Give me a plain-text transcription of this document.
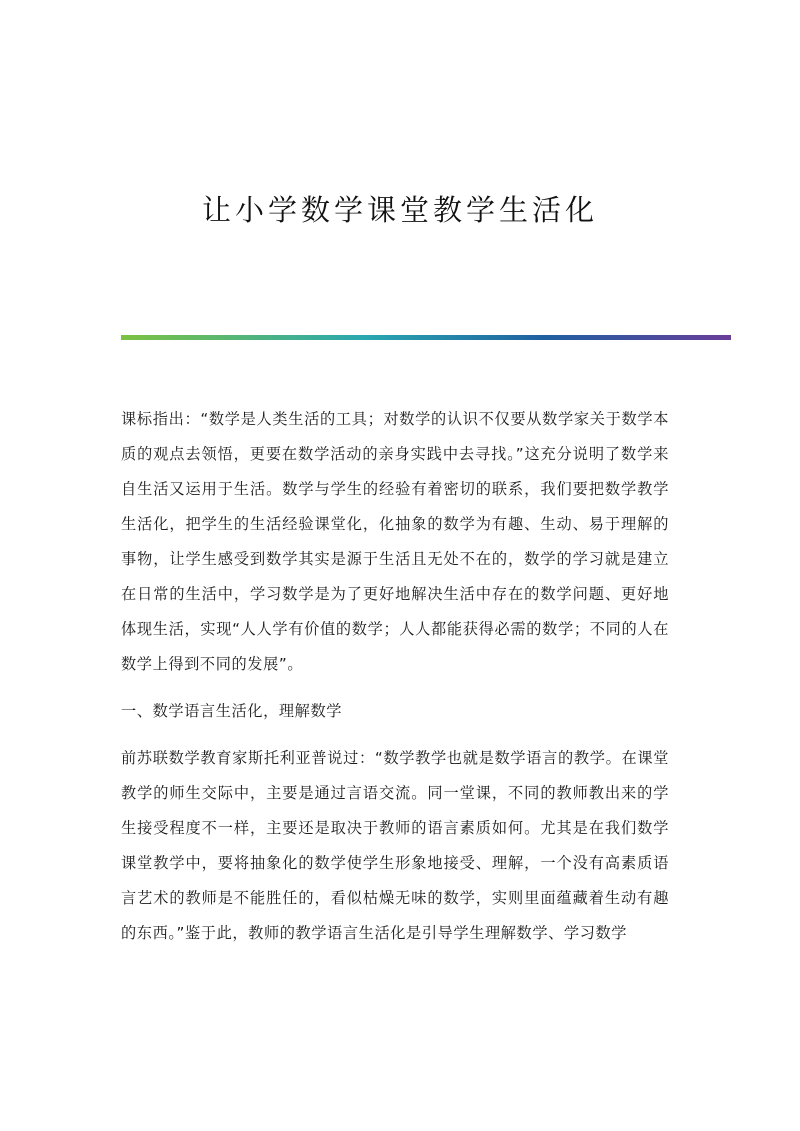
让小学数学课堂教学生活化

课标指出：“数学是人类生活的工具；对数学的认识不仅要从数学家关于数学本质的观点去领悟，更要在数学活动的亲身实践中去寻找。”这充分说明了数学来自生活又运用于生活。数学与学生的经验有着密切的联系，我们要把数学教学生活化，把学生的生活经验课堂化，化抽象的数学为有趣、生动、易于理解的事物，让学生感受到数学其实是源于生活且无处不在的，数学的学习就是建立在日常的生活中，学习数学是为了更好地解决生活中存在的数学问题、更好地体现生活，实现“人人学有价值的数学；人人都能获得必需的数学；不同的人在数学上得到不同的发展”。

一、数学语言生活化，理解数学

前苏联数学教育家斯托利亚普说过：“数学教学也就是数学语言的教学。在课堂教学的师生交际中，主要是通过言语交流。同一堂课，不同的教师教出来的学生接受程度不一样，主要还是取决于教师的语言素质如何。尤其是在我们数学课堂教学中，要将抽象化的数学使学生形象地接受、理解，一个没有高素质语言艺术的教师是不能胜任的，看似枯燥无味的数学，实则里面蕴藏着生动有趣的东西。”鉴于此，教师的教学语言生活化是引导学生理解数学、学习数学
